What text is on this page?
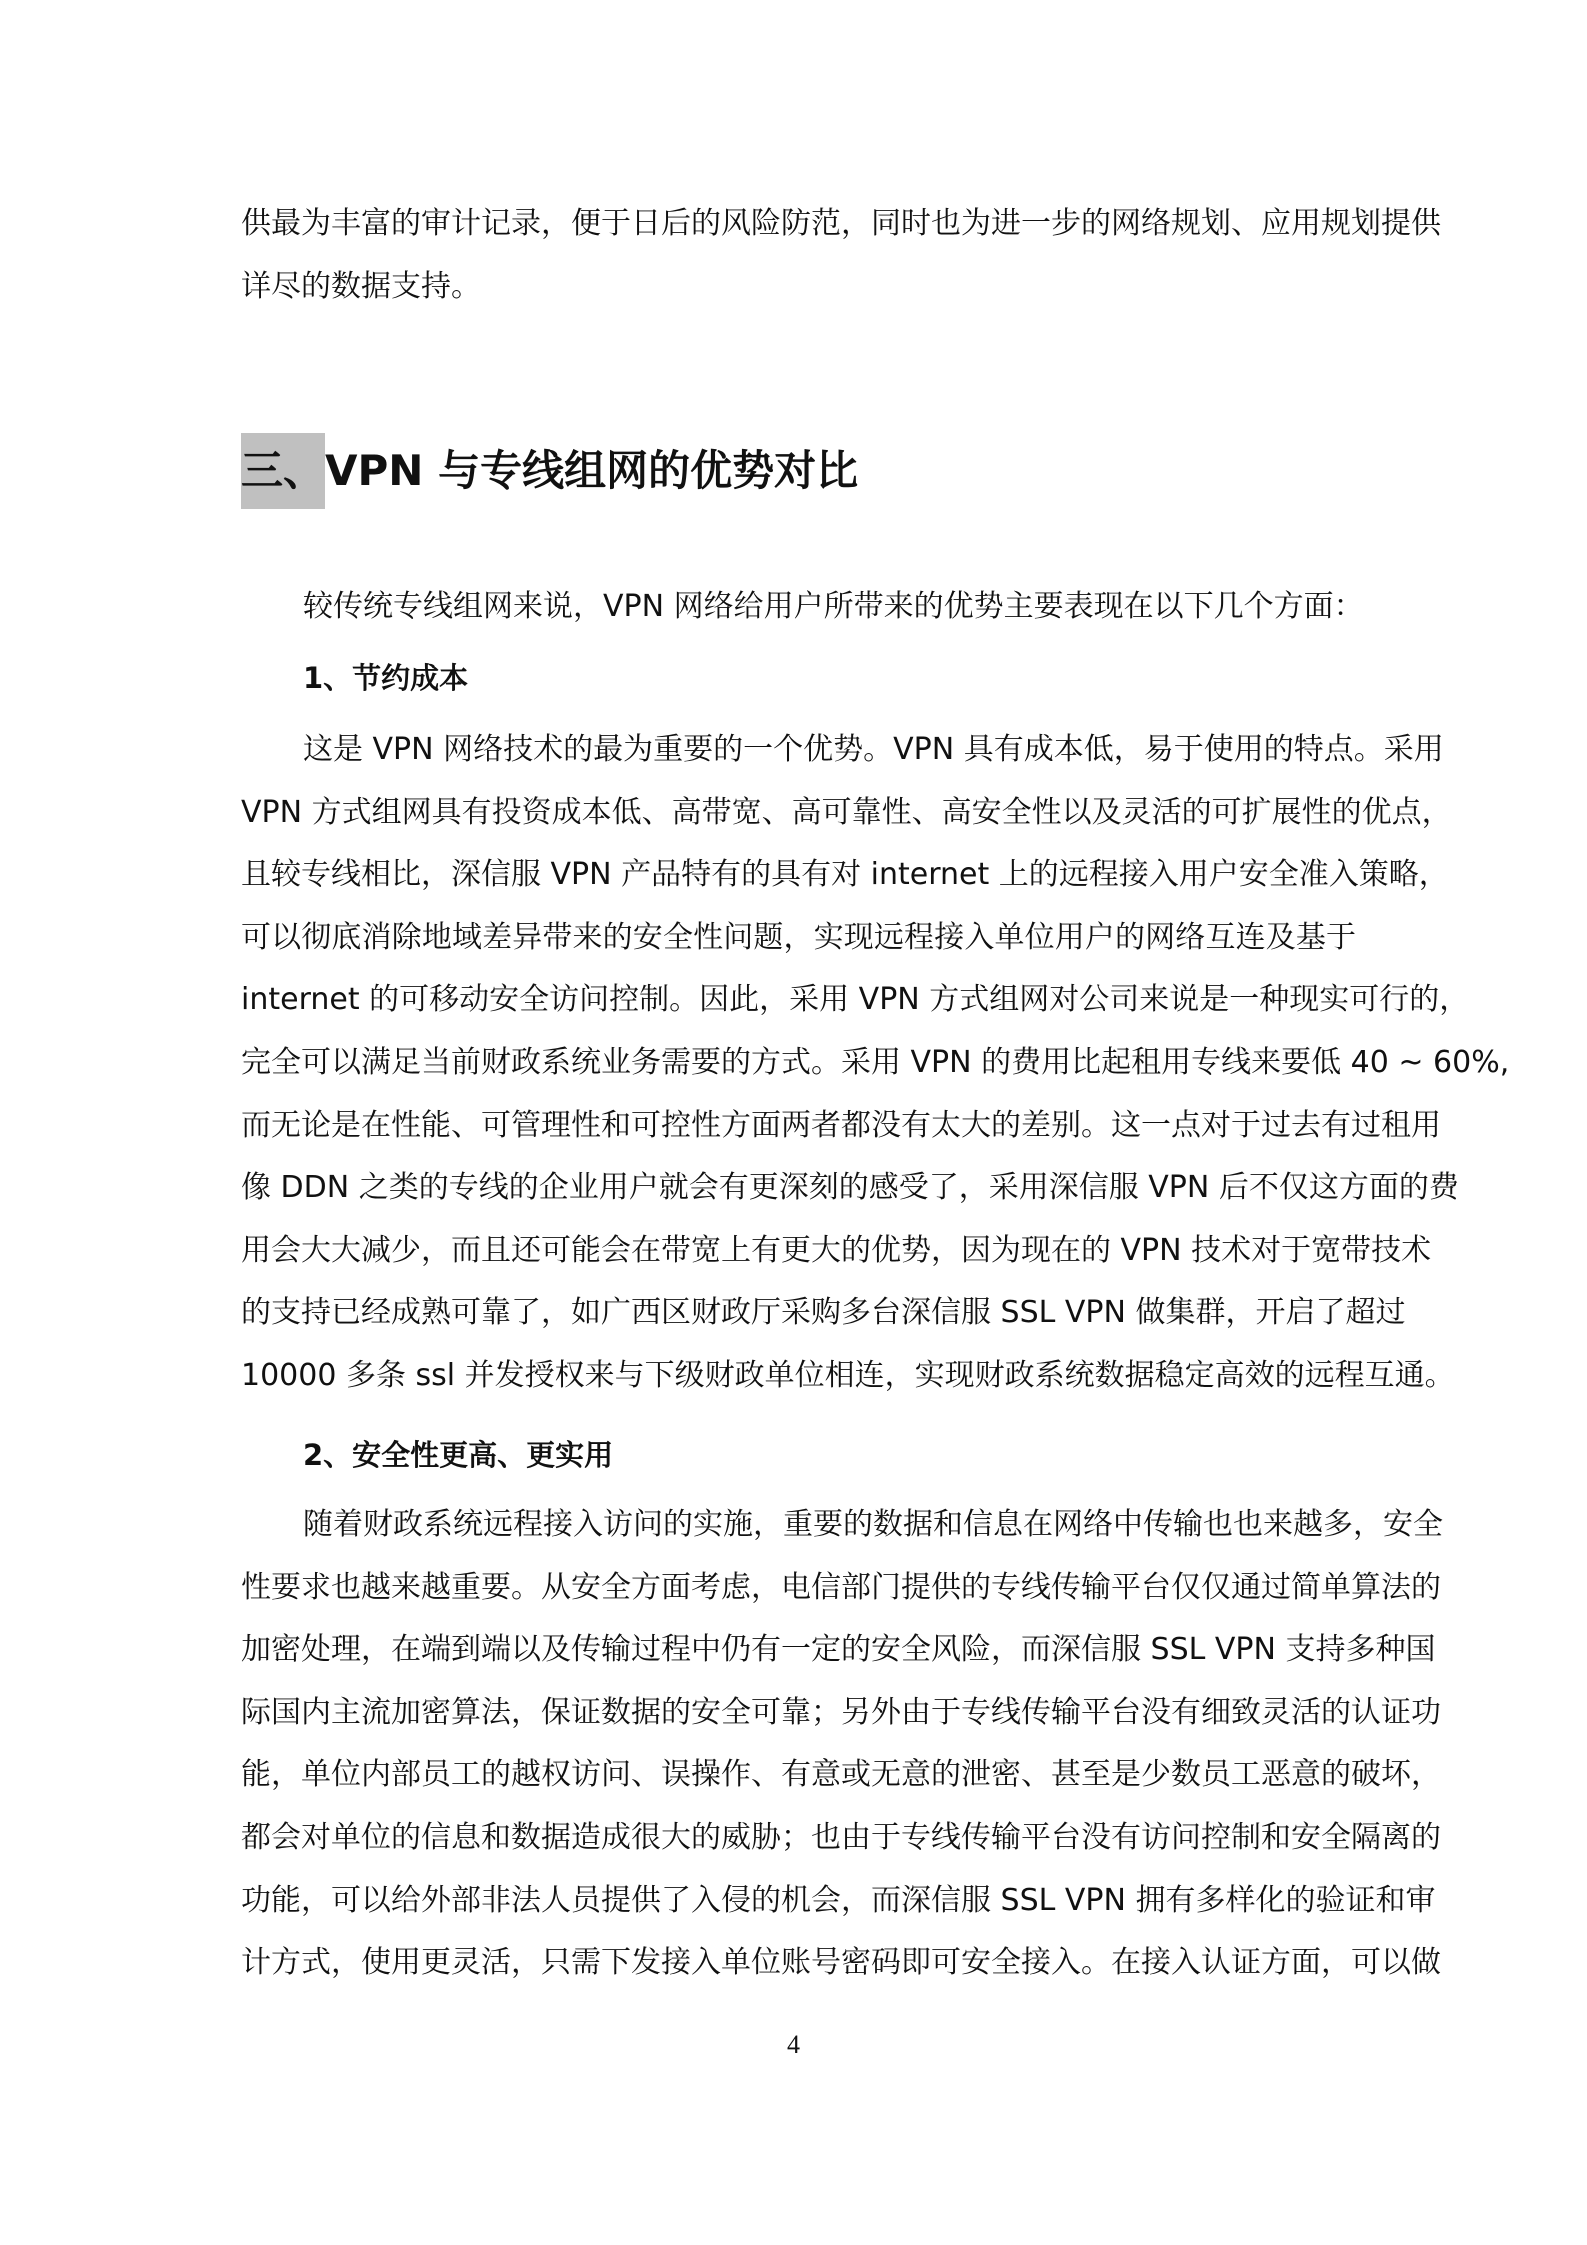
供最为丰富的审计记录，便于日后的风险防范，同时也为进一步的网络规划、应用规划提供
详尽的数据支持。
三、VPN 与专线组网的优势对比
较传统专线组网来说，VPN 网络给用户所带来的优势主要表现在以下几个方面：
1、节约成本
这是 VPN 网络技术的最为重要的一个优势。VPN 具有成本低，易于使用的特点。采用
VPN 方式组网具有投资成本低、高带宽、高可靠性、高安全性以及灵活的可扩展性的优点，
且较专线相比，深信服 VPN 产品特有的具有对 internet 上的远程接入用户安全准入策略，
可以彻底消除地域差异带来的安全性问题，实现远程接入单位用户的网络互连及基于
internet 的可移动安全访问控制。因此，采用 VPN 方式组网对公司来说是一种现实可行的，
完全可以满足当前财政系统业务需要的方式。采用 VPN 的费用比起租用专线来要低 40 ~ 60%,
而无论是在性能、可管理性和可控性方面两者都没有太大的差别。这一点对于过去有过租用
像 DDN 之类的专线的企业用户就会有更深刻的感受了，采用深信服 VPN 后不仅这方面的费
用会大大减少，而且还可能会在带宽上有更大的优势，因为现在的 VPN 技术对于宽带技术
的支持已经成熟可靠了，如广西区财政厅采购多台深信服 SSL VPN 做集群，开启了超过
10000 多条 ssl 并发授权来与下级财政单位相连，实现财政系统数据稳定高效的远程互通。
2、安全性更高、更实用
随着财政系统远程接入访问的实施，重要的数据和信息在网络中传输也也来越多，安全
性要求也越来越重要。从安全方面考虑，电信部门提供的专线传输平台仅仅通过简单算法的
加密处理，在端到端以及传输过程中仍有一定的安全风险，而深信服 SSL VPN 支持多种国
际国内主流加密算法，保证数据的安全可靠；另外由于专线传输平台没有细致灵活的认证功
能，单位内部员工的越权访问、误操作、有意或无意的泄密、甚至是少数员工恶意的破坏，
都会对单位的信息和数据造成很大的威胁；也由于专线传输平台没有访问控制和安全隔离的
功能，可以给外部非法人员提供了入侵的机会，而深信服 SSL VPN 拥有多样化的验证和审
计方式，使用更灵活，只需下发接入单位账号密码即可安全接入。在接入认证方面，可以做
4
